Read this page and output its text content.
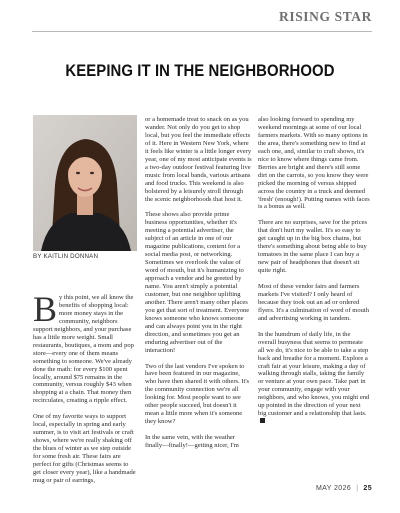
RISING STAR
KEEPING IT IN THE NEIGHBORHOOD
BY KAITLIN DONNAN

By this point, we all know the benefits of shopping local: more money stays in the community, neighbors support neighbors, and your purchase has a little more weight. Small restaurants, boutiques, a mom and pop store—every one of them means something to someone. We've already done the math: for every $100 spent locally, around $75 remains in the community, versus roughly $43 when shopping at a chain. That money then recirculates, creating a ripple effect.

One of my favorite ways to support local, especially in spring and early summer, is to visit art festivals or craft shows, where we're really shaking off the blues of winter as we step outside for some fresh air. These fairs are perfect for gifts (Christmas seems to get closer every year), like a handmade mug or pair of earrings,

or a homemade treat to snack on as you wander. Not only do you get to shop local, but you feel the immediate effects of it. Here in Western New York, where it feels like winter is a little longer every year, one of my most anticipate events is a two-day outdoor festival featuring live music from local bands, various artisans and food trucks. This weekend is also bolstered by a leisurely stroll through the scenic neighborhoods that host it.

These shows also provide prime business opportunities, whether it's meeting a potential advertiser, the subject of an article in one of our magazine publications, content for a social media post, or networking. Sometimes we overlook the value of word of mouth, but it's humanizing to approach a vendor and be greeted by name. You aren't simply a potential customer, but one neighbor uplifting another. There aren't many other places you get that sort of treatment. Everyone knows someone who knows someone and can always point you in the right direction, and sometimes you get an enduring advertiser out of the interaction!

Two of the last vendors I've spoken to have been featured in our magazine, who have then shared it with others. It's the community connection we're all looking for. Most people want to see other people succeed, but doesn't it mean a little more when it's someone they know?

In the same vein, with the weather finally—finally!—getting nicer, I'm

also looking forward to spending my weekend mornings at some of our local farmers markets. With so many options in the area, there's something new to find at each one, and, similar to craft shows, it's nice to know where things came from. Berries are bright and there's still some dirt on the carrots, so you know they were picked the morning of versus shipped across the country in a truck and deemed 'fresh' (enough!). Putting names with faces is a bonus as well.

There are no surprises, save for the prices that don't hurt my wallet. It's so easy to get caught up in the big box chains, but there's something about being able to buy tomatoes in the same place I can buy a new pair of headphones that doesn't sit quite right.

Most of these vendor fairs and farmers markets I've visited? I only heard of because they took out an ad or ordered flyers. It's a culmination of word of mouth and advertising working in tandem.

In the humdrum of daily life, in the overall busyness that seems to permeate all we do, it's nice to be able to take a step back and breathe for a moment. Explore a craft fair at your leisure, making a day of walking through stalls, taking the family or venture at your own pace. Take part in your community, engage with your neighbors, and who knows, you might end up pointed in the direction of your next big customer and a relationship that lasts.

MAY 2026 | 25
